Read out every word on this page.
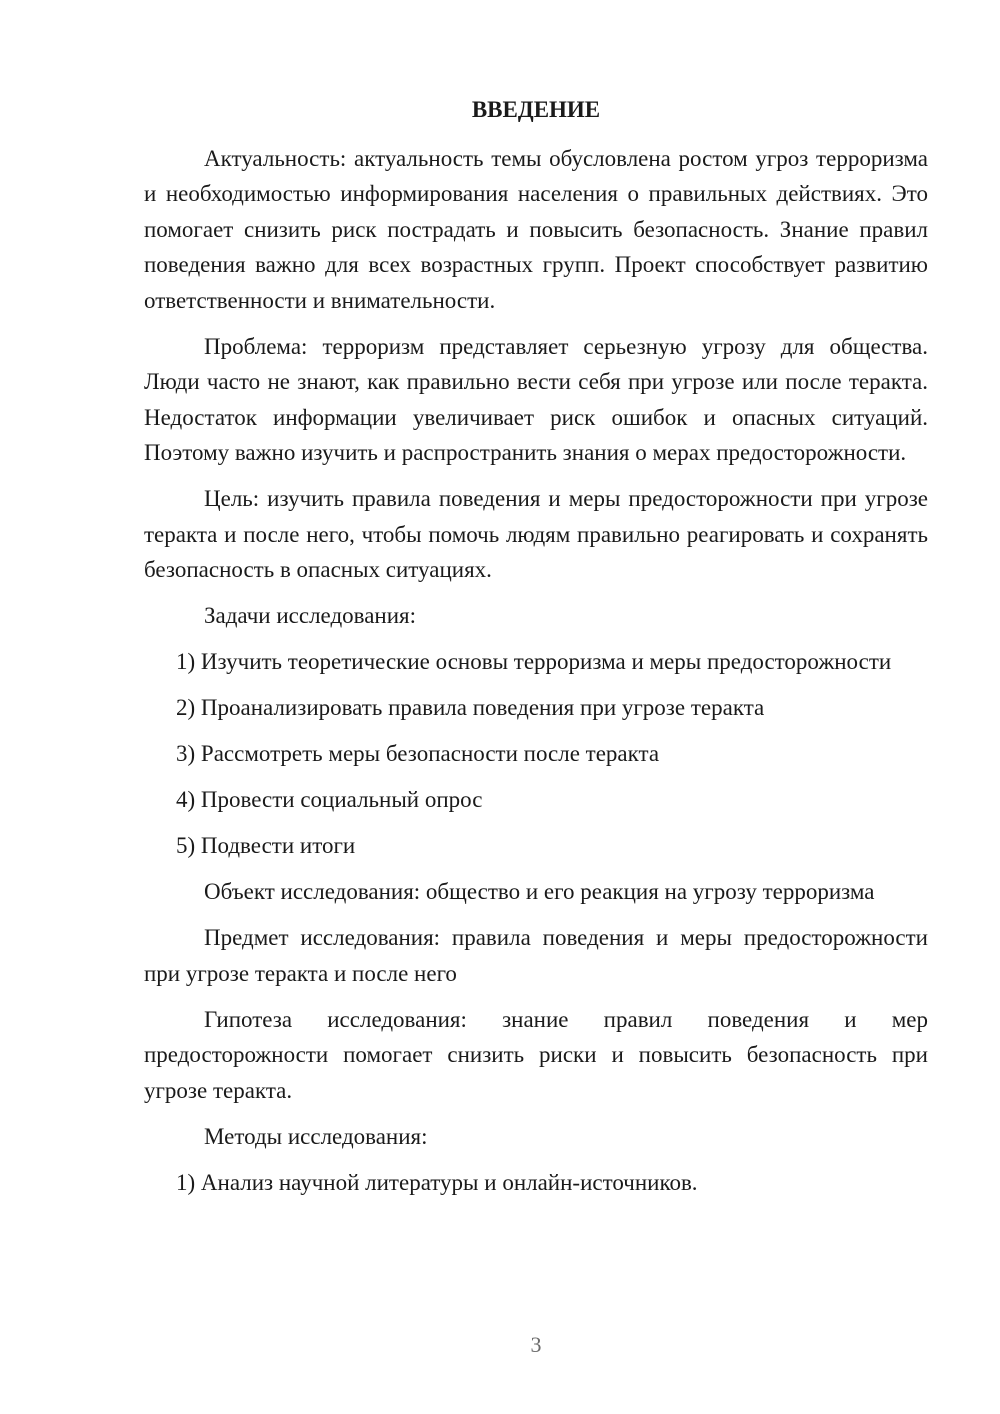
ВВЕДЕНИЕ

Актуальность: актуальность темы обусловлена ростом угроз терроризма и необходимостью информирования населения о правильных действиях. Это помогает снизить риск пострадать и повысить безопасность. Знание правил поведения важно для всех возрастных групп. Проект способствует развитию ответственности и внимательности.

Проблема: терроризм представляет серьезную угрозу для общества. Люди часто не знают, как правильно вести себя при угрозе или после теракта. Недостаток информации увеличивает риск ошибок и опасных ситуаций. Поэтому важно изучить и распространить знания о мерах предосторожности.

Цель: изучить правила поведения и меры предосторожности при угрозе теракта и после него, чтобы помочь людям правильно реагировать и сохранять безопасность в опасных ситуациях.

Задачи исследования:

1) Изучить теоретические основы терроризма и меры предосторожности

2) Проанализировать правила поведения при угрозе теракта

3) Рассмотреть меры безопасности после теракта

4) Провести социальный опрос

5) Подвести итоги

Объект исследования: общество и его реакция на угрозу терроризма

Предмет исследования: правила поведения и меры предосторожности при угрозе теракта и после него

Гипотеза исследования: знание правил поведения и мер предосторожности помогает снизить риски и повысить безопасность при угрозе теракта.

Методы исследования:

1) Анализ научной литературы и онлайн-источников.

3
